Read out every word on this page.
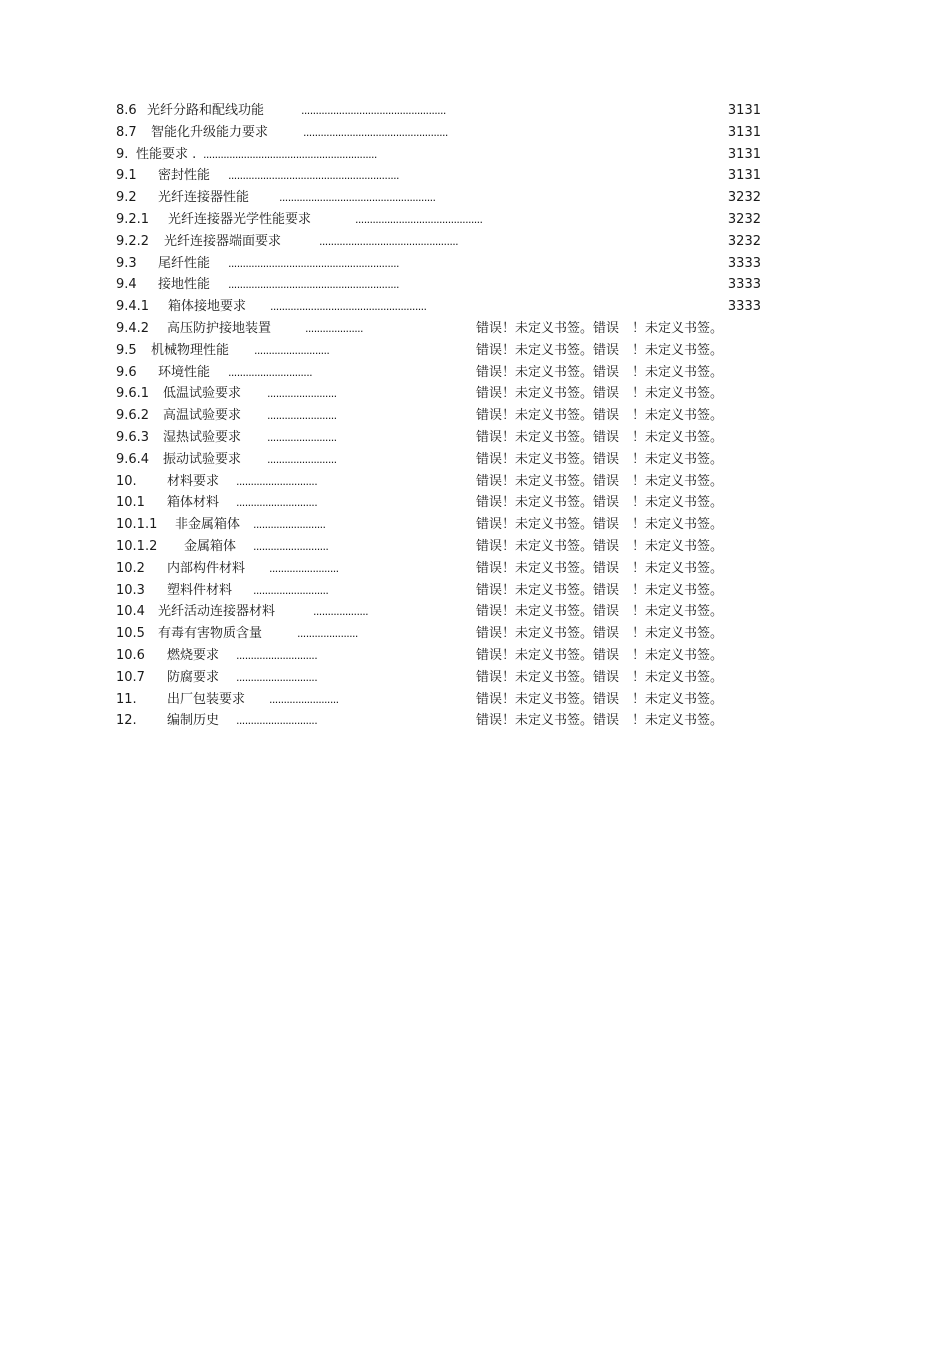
8.6 光纤分路和配线功能	..................................................	3131
8.7 智能化升级能力要求	..................................................	3131
9. 性能要求 . ............................................................	3131
9.1 密封性能 ...........................................................	3131
9.2 光纤连接器性能	......................................................	3232
9.2.1 光纤连接器光学性能要求	............................................	3232
9.2.2 光纤连接器端面要求	................................................	3232
9.3 尾纤性能 ...........................................................	3333
9.4 接地性能 ...........................................................	3333
9.4.1 箱体接地要求 ......................................................	3333
9.4.2 高压防护接地装置	....................	错误！未定义书签。错误　！未定义书签。
9.5 机械物理性能 ..........................	错误！未定义书签。错误　！未定义书签。
9.6 环境性能 .............................	错误！未定义书签。错误　！未定义书签。
9.6.1 低温试验要求 ........................	错误！未定义书签。错误　！未定义书签。
9.6.2 高温试验要求 ........................	错误！未定义书签。错误　！未定义书签。
9.6.3 湿热试验要求 ........................	错误！未定义书签。错误　！未定义书签。
9.6.4 振动试验要求 ........................	错误！未定义书签。错误　！未定义书签。
10. 材料要求 ............................	错误！未定义书签。错误　！未定义书签。
10.1 箱体材料 ............................	错误！未定义书签。错误　！未定义书签。
10.1.1 非金属箱体 .........................	错误！未定义书签。错误　！未定义书签。
10.1.2 金属箱体 ..........................	错误！未定义书签。错误　！未定义书签。
10.2 内部构件材料 ........................	错误！未定义书签。错误　！未定义书签。
10.3 塑料件材料 ..........................	错误！未定义书签。错误　！未定义书签。
10.4 光纤活动连接器材料	...................	错误！未定义书签。错误　！未定义书签。
10.5 有毒有害物质含量	.....................	错误！未定义书签。错误　！未定义书签。
10.6 燃烧要求 ............................	错误！未定义书签。错误　！未定义书签。
10.7 防腐要求 ............................	错误！未定义书签。错误　！未定义书签。
11. 出厂包装要求 ........................	错误！未定义书签。错误　！未定义书签。
12. 编制历史 ............................	错误！未定义书签。错误　！未定义书签。
